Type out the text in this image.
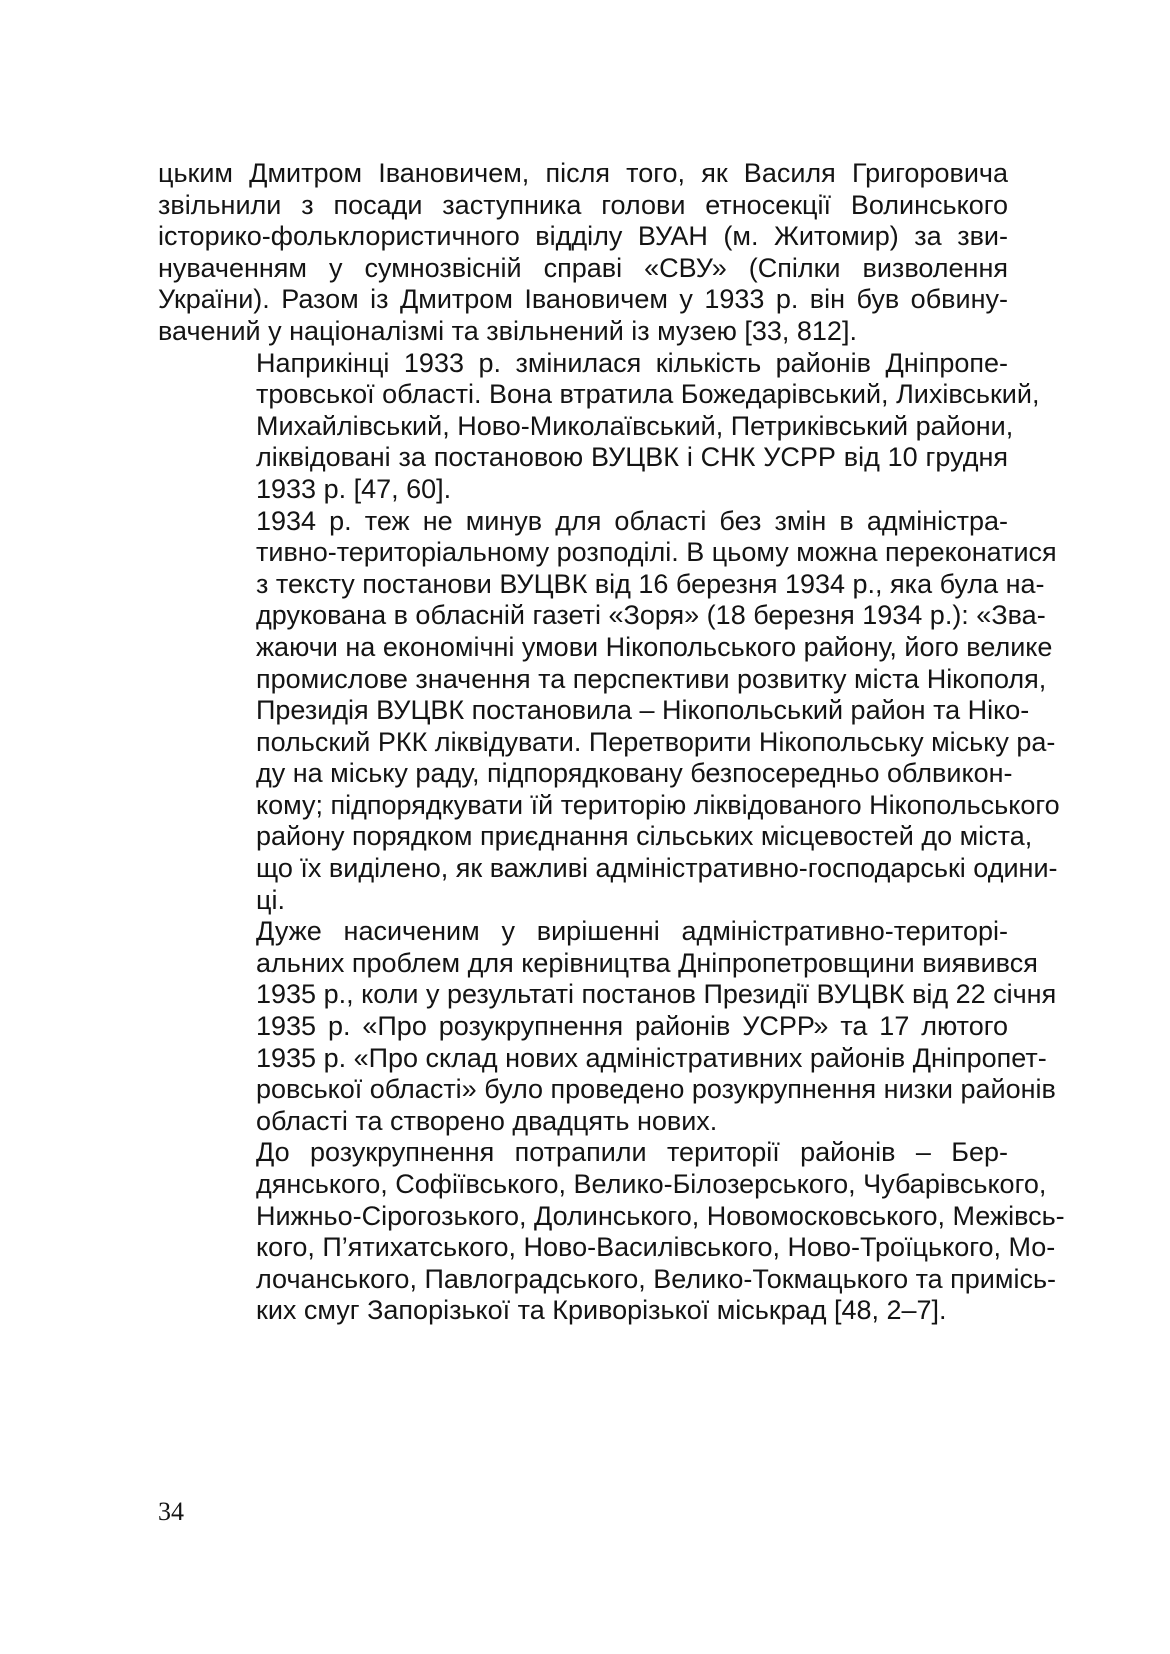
цьким Дмитром Івановичем, після того, як Василя Григоровича
звільнили з посади заступника голови етносекції Волинського
історико-фольклористичного відділу ВУАН (м. Житомир) за зви-
нуваченням у сумнозвісній справі «СВУ» (Спілки визволення
України). Разом із Дмитром Івановичем у 1933 р. він був обвину-
вачений у націоналізмі та звільнений із музею [33, 812].
Наприкінці 1933 р. змінилася кількість районів Дніпропе-
тровської області. Вона втратила Божедарівський, Лихівський,
Михайлівський, Ново-Миколаївський, Петриківський райони,
ліквідовані за постановою ВУЦВК і СНК УСРР від 10 грудня
1933 р. [47, 60].
1934 р. теж не минув для області без змін в адміністра-
тивно-територіальному розподілі. В цьому можна переконатися
з тексту постанови ВУЦВК від 16 березня 1934 р., яка була на-
друкована в обласній газеті «Зоря» (18 березня 1934 р.): «Зва-
жаючи на економічні умови Нікопольського району, його велике
промислове значення та перспективи розвитку міста Нікополя,
Президія ВУЦВК постановила – Нікопольський район та Ніко-
польский РКК ліквідувати. Перетворити Нікопольську міську ра-
ду на міську раду, підпорядковану безпосередньо облвикон-
кому; підпорядкувати їй територію ліквідованого Нікопольського
району порядком приєднання сільських місцевостей до міста,
що їх виділено, як важливі адміністративно-господарські одини-
ці.
Дуже насиченим у вирішенні адміністративно-територі-
альних проблем для керівництва Дніпропетровщини виявився
1935 р., коли у результаті постанов Президії ВУЦВК від 22 січня
1935 р. «Про розукрупнення районів УСРР» та 17 лютого
1935 р. «Про склад нових адміністративних районів Дніпропет-
ровської області» було проведено розукрупнення низки районів
області та створено двадцять нових.
До розукрупнення потрапили території районів – Бер-
дянського, Софіївського, Велико-Білозерського, Чубарівського,
Нижньо-Сірогозького, Долинського, Новомосковського, Межівсь-
кого, П’ятихатського, Ново-Василівського, Ново-Троїцького, Мо-
лочанського, Павлоградського, Велико-Токмацького та примісь-
ких смуг Запорізької та Криворізької міськрад [48, 2–7].
34
